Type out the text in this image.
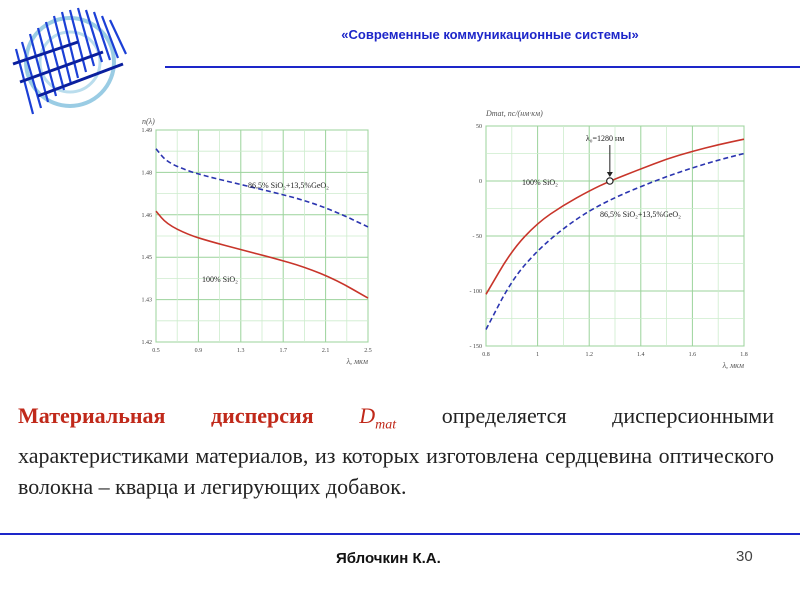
«Современные коммуникационные системы»
0.5	0.9	1.3	1.7	2.1	2.5
1.49
1.48
1.46
1.45
1.43
1.42
n(λ)
λ, мкм
86,5% SiO₂+13,5%GeO₂
100% SiO₂
0.8	1	1.2	1.4	1.6	1.8
50
0
- 50
- 100
- 150
Dmat, пс/(нм·км)
λ, мкм
λ₀=1280 нм
100% SiO₂
86,5% SiO₂+13,5%GeO₂
Материальная дисперсия $D_{mat}$ определяется дисперсионными характеристиками материалов, из которых изготовлена сердцевина оптического волокна – кварца и легирующих добавок.
Яблочкин К.А.	30
